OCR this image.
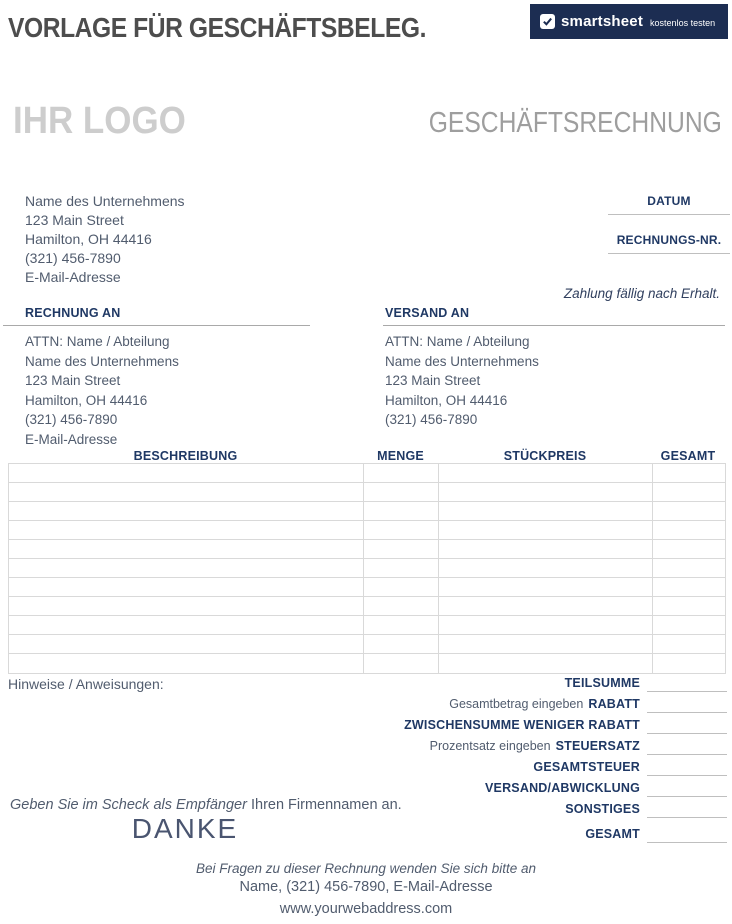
VORLAGE FÜR GESCHÄFTSBELEG.	smartsheet kostenlos testen
IHR LOGO	GESCHÄFTSRECHNUNG
Name des Unternehmens
123 Main Street
Hamilton, OH 44416
(321) 456-7890
E-Mail-Adresse
DATUM
RECHNUNGS-NR.
Zahlung fällig nach Erhalt.
RECHNUNG AN
ATTN: Name / Abteilung
Name des Unternehmens
123 Main Street
Hamilton, OH 44416
(321) 456-7890
E-Mail-Adresse
VERSAND AN
ATTN: Name / Abteilung
Name des Unternehmens
123 Main Street
Hamilton, OH 44416
(321) 456-7890
BESCHREIBUNG	MENGE	STÜCKPREIS	GESAMT
Hinweise / Anweisungen:	TEILSUMME
Gesamtbetrag eingeben RABATT
ZWISCHENSUMME WENIGER RABATT
Prozentsatz eingeben STEUERSATZ
GESAMTSTEUER
VERSAND/ABWICKLUNG
SONSTIGES
GESAMT
Geben Sie im Scheck als Empfänger Ihren Firmennamen an.
DANKE
Bei Fragen zu dieser Rechnung wenden Sie sich bitte an
Name, (321) 456-7890, E-Mail-Adresse
www.yourwebaddress.com
